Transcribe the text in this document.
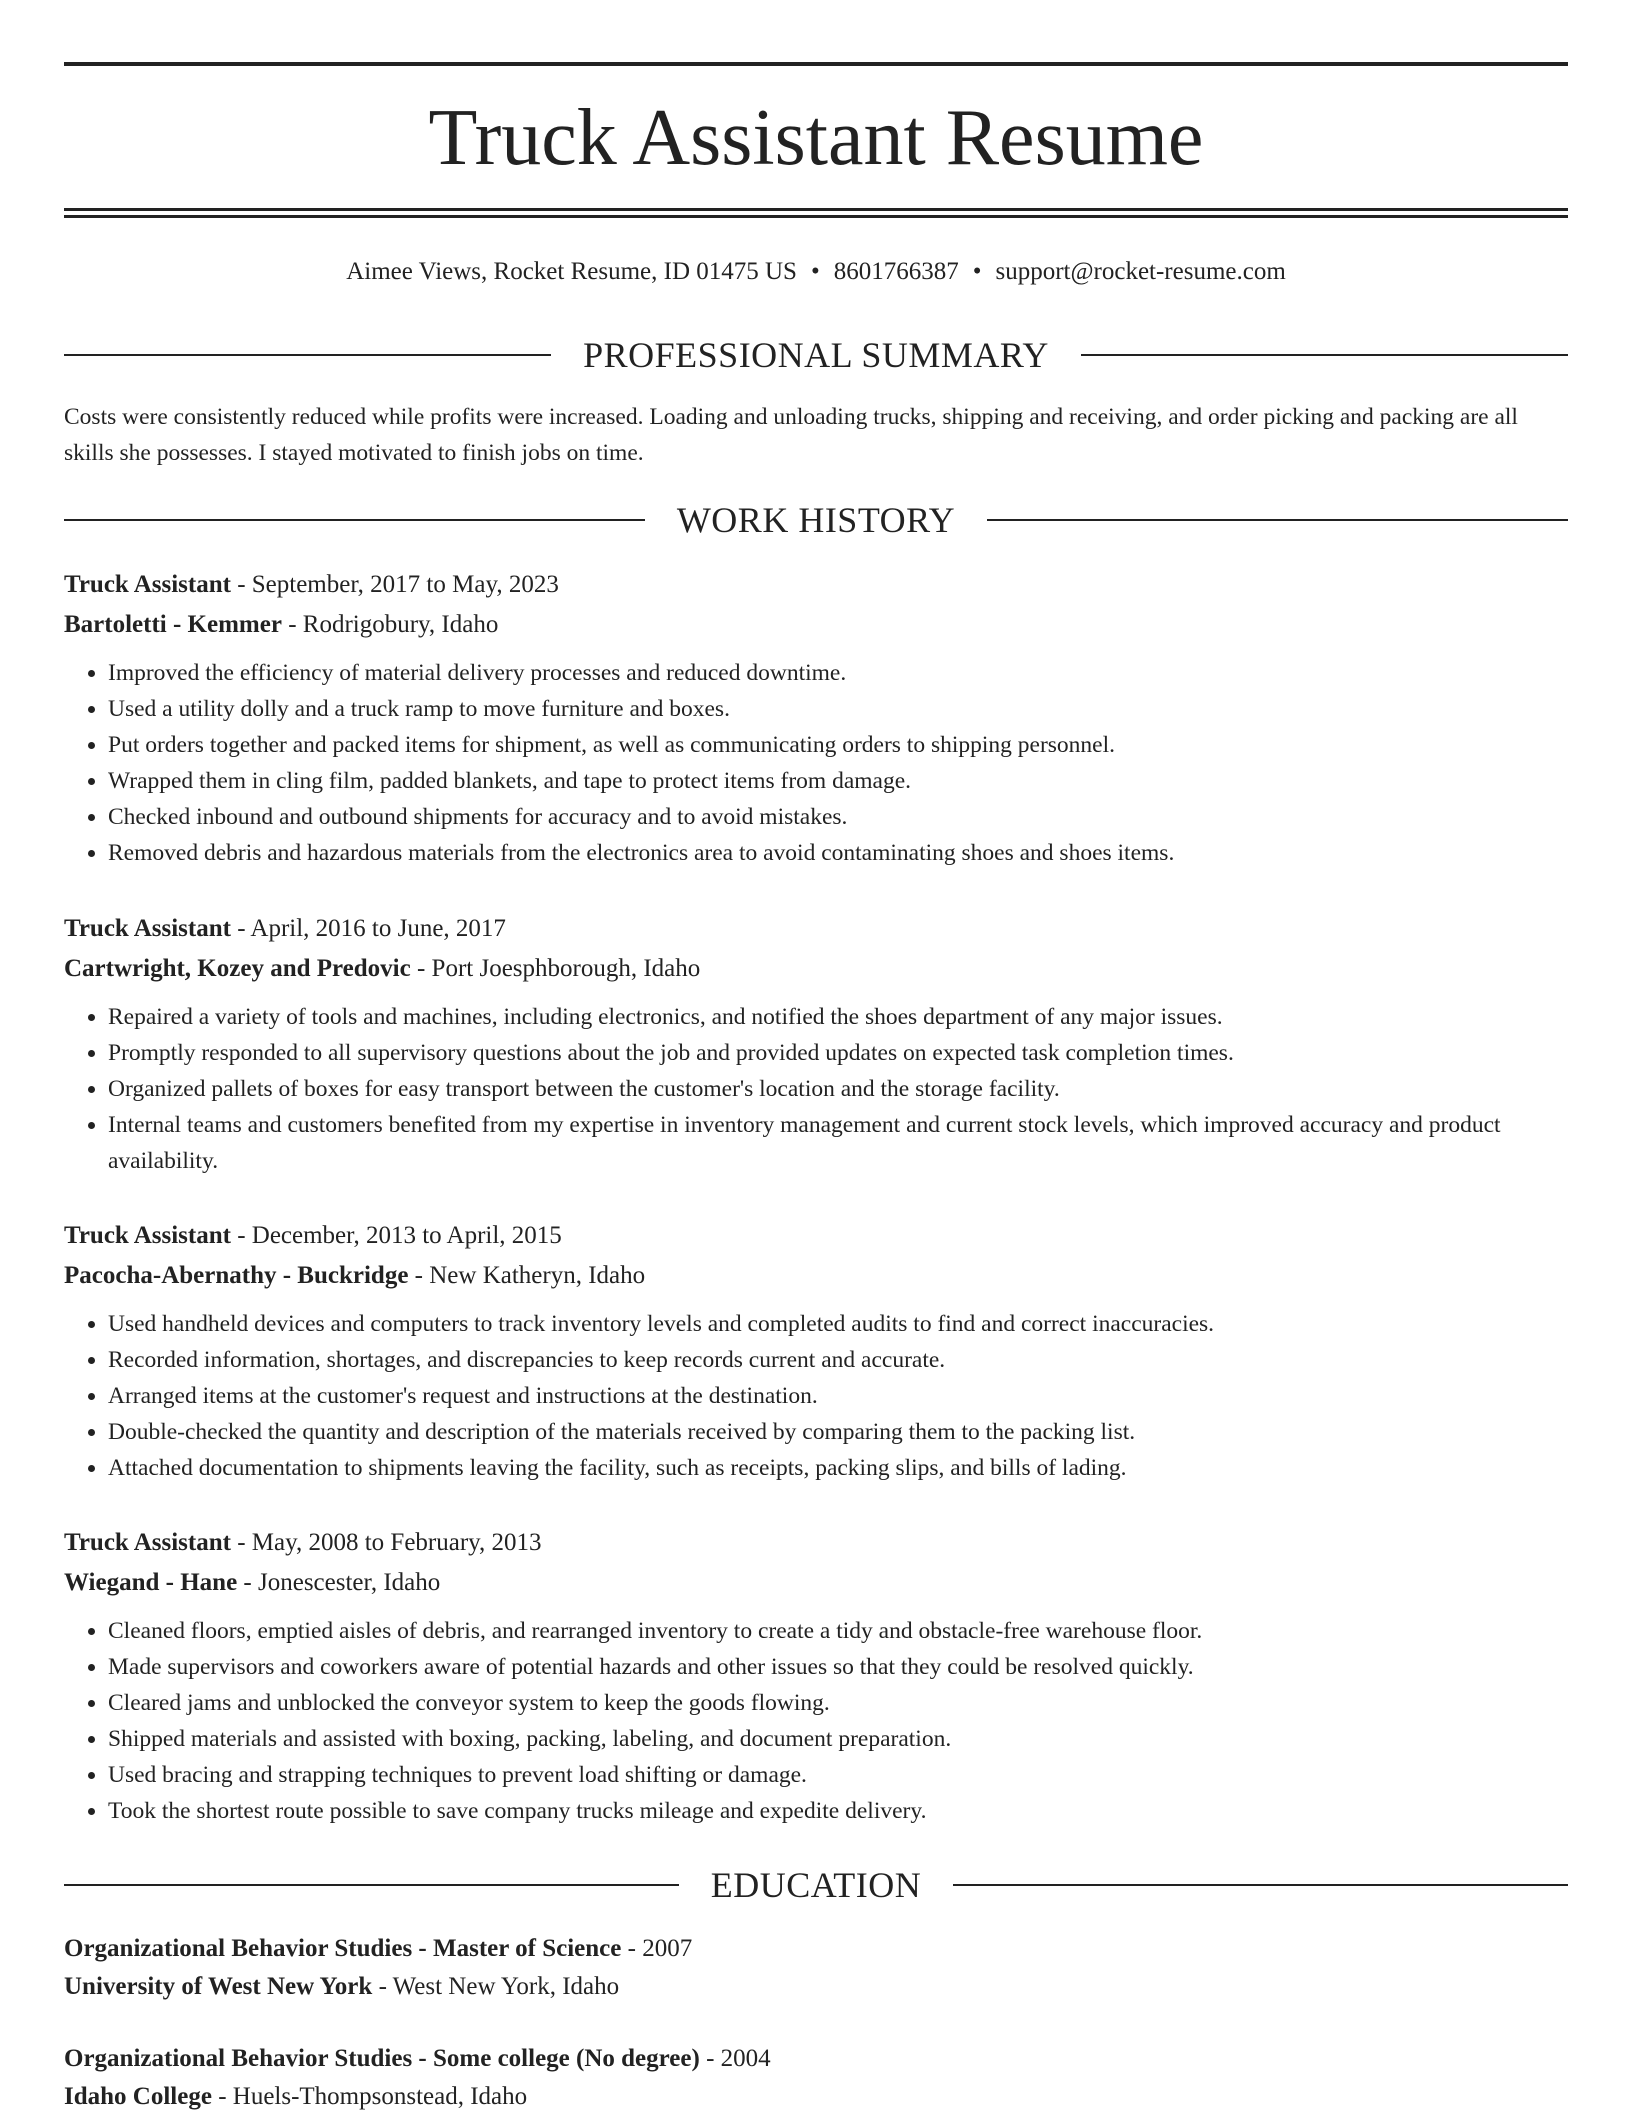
Truck Assistant Resume
Aimee Views, Rocket Resume, ID 01475 US • 8601766387 • support@rocket-resume.com
PROFESSIONAL SUMMARY

Costs were consistently reduced while profits were increased. Loading and unloading trucks, shipping and receiving, and order picking and packing are all skills she possesses. I stayed motivated to finish jobs on time.

WORK HISTORY
Truck Assistant - September, 2017 to May, 2023
Bartoletti - Kemmer - Rodrigobury, Idaho
• Improved the efficiency of material delivery processes and reduced downtime.
• Used a utility dolly and a truck ramp to move furniture and boxes.
• Put orders together and packed items for shipment, as well as communicating orders to shipping personnel.
• Wrapped them in cling film, padded blankets, and tape to protect items from damage.
• Checked inbound and outbound shipments for accuracy and to avoid mistakes.
• Removed debris and hazardous materials from the electronics area to avoid contaminating shoes and shoes items.
Truck Assistant - April, 2016 to June, 2017
Cartwright, Kozey and Predovic - Port Joesphborough, Idaho
• Repaired a variety of tools and machines, including electronics, and notified the shoes department of any major issues.
• Promptly responded to all supervisory questions about the job and provided updates on expected task completion times.
• Organized pallets of boxes for easy transport between the customer's location and the storage facility.
• Internal teams and customers benefited from my expertise in inventory management and current stock levels, which improved accuracy and product availability.
Truck Assistant - December, 2013 to April, 2015
Pacocha-Abernathy - Buckridge - New Katheryn, Idaho
• Used handheld devices and computers to track inventory levels and completed audits to find and correct inaccuracies.
• Recorded information, shortages, and discrepancies to keep records current and accurate.
• Arranged items at the customer's request and instructions at the destination.
• Double-checked the quantity and description of the materials received by comparing them to the packing list.
• Attached documentation to shipments leaving the facility, such as receipts, packing slips, and bills of lading.
Truck Assistant - May, 2008 to February, 2013
Wiegand - Hane - Jonescester, Idaho
• Cleaned floors, emptied aisles of debris, and rearranged inventory to create a tidy and obstacle-free warehouse floor.
• Made supervisors and coworkers aware of potential hazards and other issues so that they could be resolved quickly.
• Cleared jams and unblocked the conveyor system to keep the goods flowing.
• Shipped materials and assisted with boxing, packing, labeling, and document preparation.
• Used bracing and strapping techniques to prevent load shifting or damage.
• Took the shortest route possible to save company trucks mileage and expedite delivery.
EDUCATION
Organizational Behavior Studies - Master of Science - 2007
University of West New York - West New York, Idaho
Organizational Behavior Studies - Some college (No degree) - 2004
Idaho College - Huels-Thompsonstead, Idaho
